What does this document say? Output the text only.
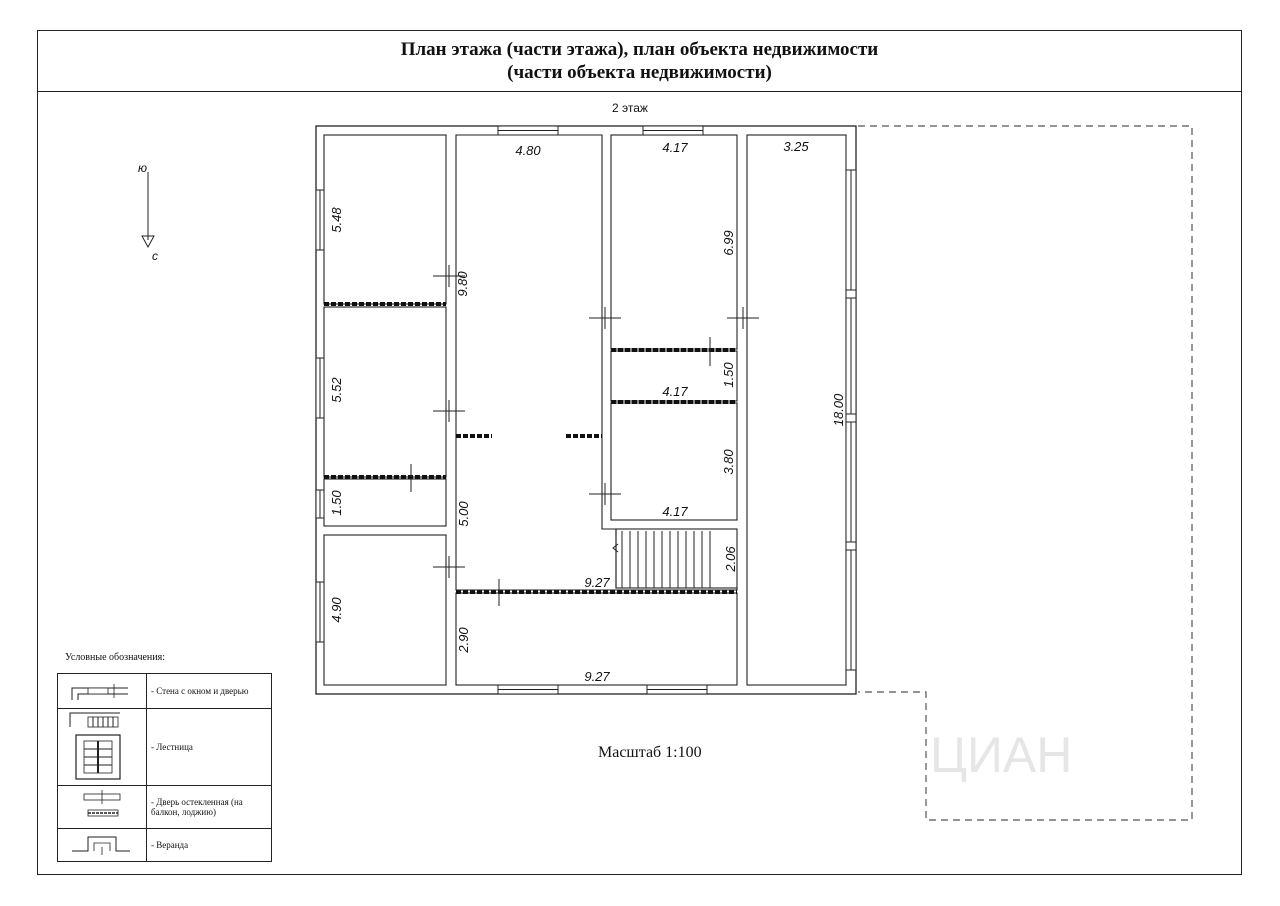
План этажа (части этажа), план объекта недвижимости
(части объекта недвижимости)
ЦИАН
2 этаж
ю
с
4.80	4.17	3.25
5.48
9.80
6.99
5.52
1.50
4.17
18.00
3.80
1.50	5.00	4.17
2.06
9.27
4.90
2.90
9.27
Масштаб 1:100
Условные обозначения:
	- Стена с окном и дверью
	- Лестница
	- Дверь остекленная (на балкон, лоджию)
	- Веранда
